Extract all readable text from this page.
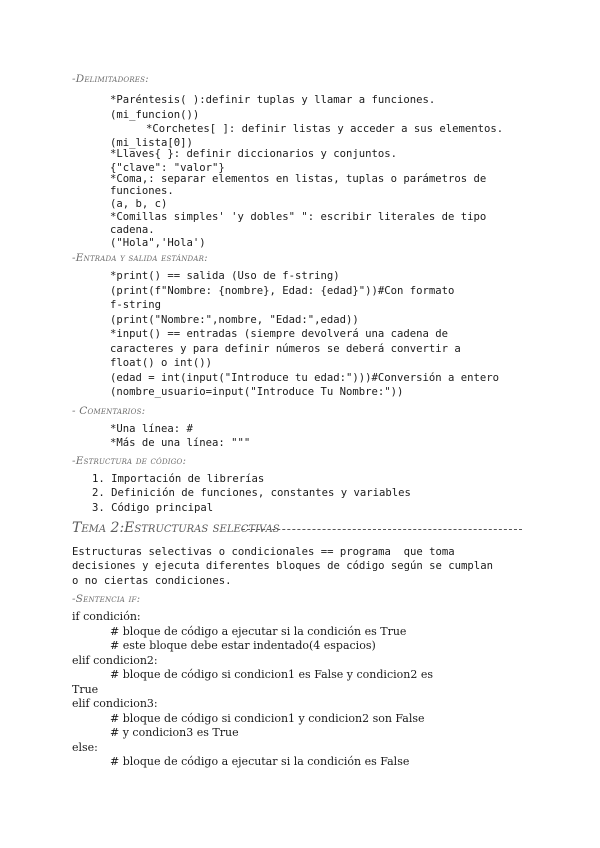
-Delimitadores:
*Paréntesis( ):definir tuplas y llamar a funciones.
(mi_funcion())
*Corchetes[ ]: definir listas y acceder a sus elementos.
(mi_lista[0])
*Llaves{ }: definir diccionarios y conjuntos.
{"clave": "valor"}
*Coma,: separar elementos en listas, tuplas o parámetros de
funciones.
(a, b, c)
*Comillas simples' 'y dobles" ": escribir literales de tipo
cadena.
("Hola",'Hola')
-Entrada y salida estándar:
*print() == salida (Uso de f-string)
(print(f"Nombre: {nombre}, Edad: {edad}"))#Con formato
f-string
(print("Nombre:",nombre, "Edad:",edad))
*input() == entradas (siempre devolverá una cadena de
caracteres y para definir números se deberá convertir a
float() o int())
(edad = int(input("Introduce tu edad:")))#Conversión a entero
(nombre_usuario=input("Introduce Tu Nombre:"))
- Comentarios:
*Una línea: #
*Más de una línea: """
-Estructura de código:
1. Importación de librerías
2. Definición de funciones, constantes y variables
3. Código principal
Tema 2:Estructuras selectivas
Estructuras selectivas o condicionales == programa  que toma
decisiones y ejecuta diferentes bloques de código según se cumplan
o no ciertas condiciones.
-Sentencia if:
if condición:
# bloque de código a ejecutar si la condición es True
# este bloque debe estar indentado(4 espacios)
elif condicion2:
# bloque de código si condicion1 es False y condicion2 es
True
elif condicion3:
# bloque de código si condicion1 y condicion2 son False
# y condicion3 es True
else:
# bloque de código a ejecutar si la condición es False
